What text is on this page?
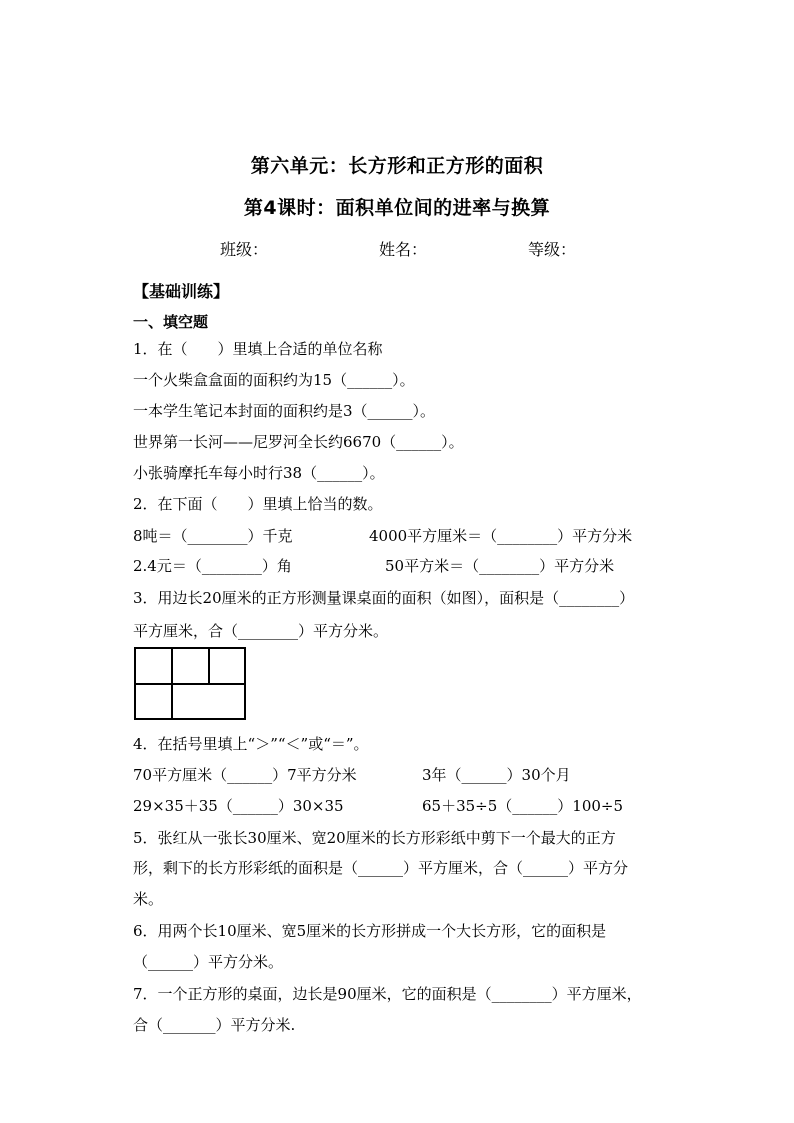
第六单元：长方形和正方形的面积
第4课时：面积单位间的进率与换算
班级：	姓名：	等级：
【基础训练】
一、填空题
1．在（　　）里填上合适的单位名称
一个火柴盒盒面的面积约为15（______）。
一本学生笔记本封面的面积约是3（______）。
世界第一长河——尼罗河全长约6670（______）。
小张骑摩托车每小时行38（______）。
2．在下面（　　）里填上恰当的数。
8吨＝（________）千克	4000平方厘米＝（________）平方分米
2.4元＝（________）角	50平方米＝（________）平方分米
3．用边长20厘米的正方形测量课桌面的面积（如图），面积是（________）
平方厘米，合（________）平方分米。
4．在括号里填上“＞”“＜”或“＝”。
70平方厘米（______）7平方分米	3年（______）30个月
29×35＋35（______）30×35	65＋35÷5（______）100÷5
5．张红从一张长30厘米、宽20厘米的长方形彩纸中剪下一个最大的正方
形，剩下的长方形彩纸的面积是（______）平方厘米，合（______）平方分
米。
6．用两个长10厘米、宽5厘米的长方形拼成一个大长方形，它的面积是
（______）平方分米。
7．一个正方形的桌面，边长是90厘米，它的面积是（________）平方厘米，
合（_______）平方分米.
